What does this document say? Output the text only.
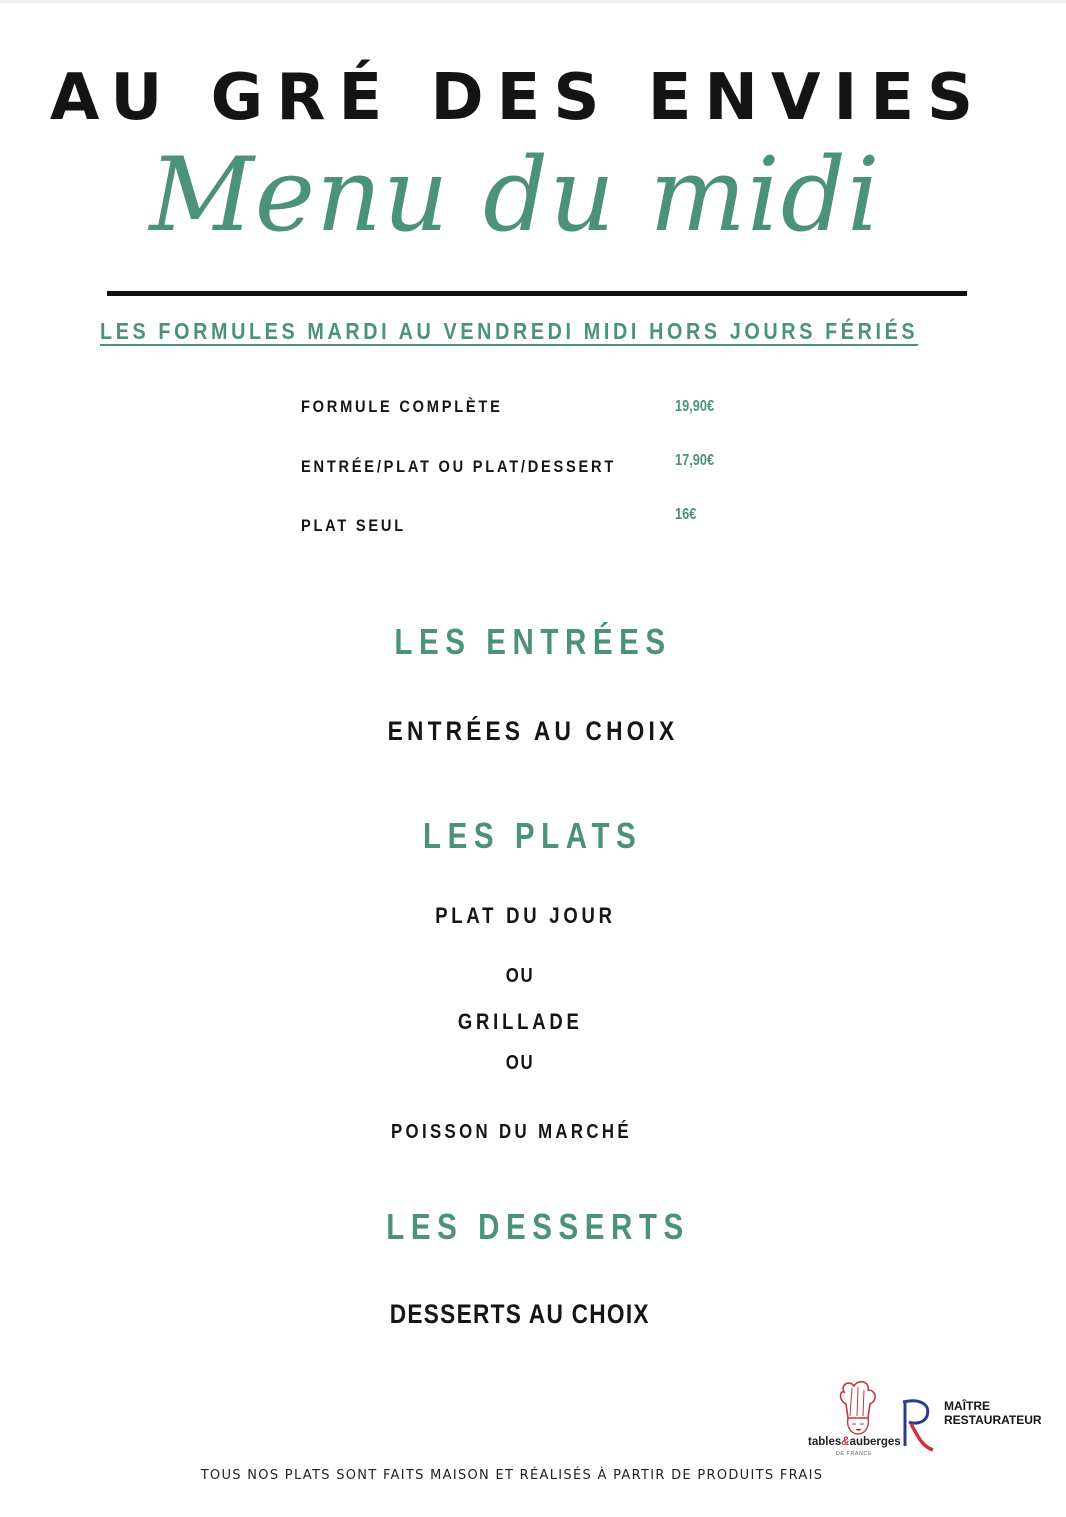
AU GRÉ DES ENVIES
Menu du midi
LES FORMULES MARDI AU VENDREDI MIDI HORS JOURS FÉRIÉS
FORMULE COMPLÈTE	19,90€
ENTRÉE/PLAT OU PLAT/DESSERT	17,90€
PLAT SEUL
16€
LES ENTRÉES
ENTRÉES AU CHOIX
LES PLATS
PLAT DU JOUR
OU
GRILLADE
OU
POISSON DU MARCHÉ
LES DESSERTS
DESSERTS AU CHOIX
tables&auberges
DE FRANCE
MAÎTRE
RESTAURATEUR
TOUS NOS PLATS SONT FAITS MAISON ET RÉALISÉS À PARTIR DE PRODUITS FRAIS
